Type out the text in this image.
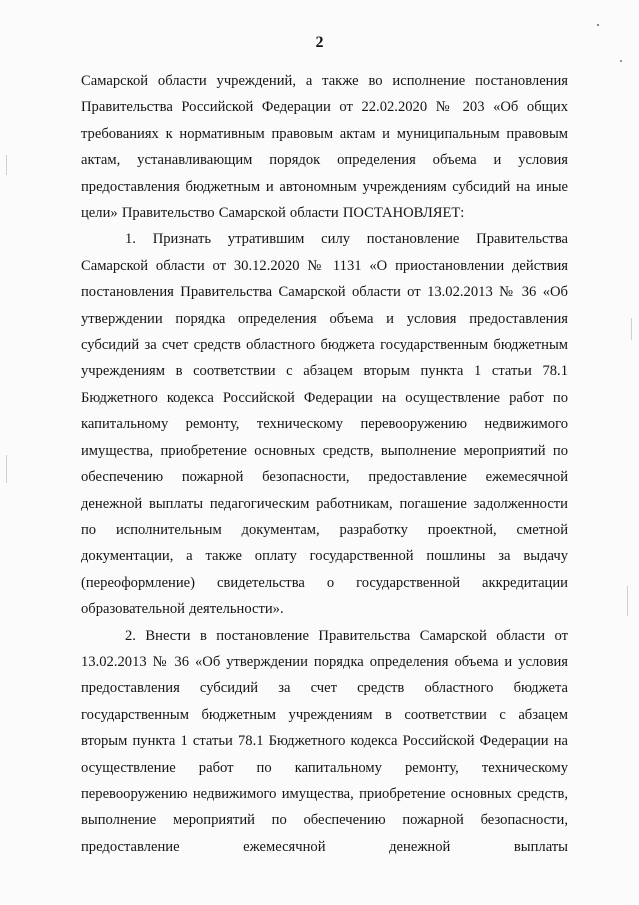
2

Самарской области учреждений, а также во исполнение постановления Правительства Российской Федерации от 22.02.2020 № 203 «Об общих требованиях к нормативным правовым актам и муниципальным правовым актам, устанавливающим порядок определения объема и условия предоставления бюджетным и автономным учреждениям субсидий на иные цели» Правительство Самарской области ПОСТАНОВЛЯЕТ:

1. Признать утратившим силу постановление Правительства Самарской области от 30.12.2020 № 1131 «О приостановлении действия постановления Правительства Самарской области от 13.02.2013 № 36 «Об утверждении порядка определения объема и условия предоставления субсидий за счет средств областного бюджета государственным бюджетным учреждениям в соответствии с абзацем вторым пункта 1 статьи 78.1 Бюджетного кодекса Российской Федерации на осуществление работ по капитальному ремонту, техническому перевооружению недвижимого имущества, приобретение основных средств, выполнение мероприятий по обеспечению пожарной безопасности, предоставление ежемесячной денежной выплаты педагогическим работникам, погашение задолженности по исполнительным документам, разработку проектной, сметной документации, а также оплату государственной пошлины за выдачу (переоформление) свидетельства о государственной аккредитации образовательной деятельности».

2. Внести в постановление Правительства Самарской области от 13.02.2013 № 36 «Об утверждении порядка определения объема и условия предоставления субсидий за счет средств областного бюджета государственным бюджетным учреждениям в соответствии с абзацем вторым пункта 1 статьи 78.1 Бюджетного кодекса Российской Федерации на осуществление работ по капитальному ремонту, техническому перевооружению недвижимого имущества, приобретение основных средств, выполнение мероприятий по обеспечению пожарной безопасности, предоставление ежемесячной денежной выплаты
